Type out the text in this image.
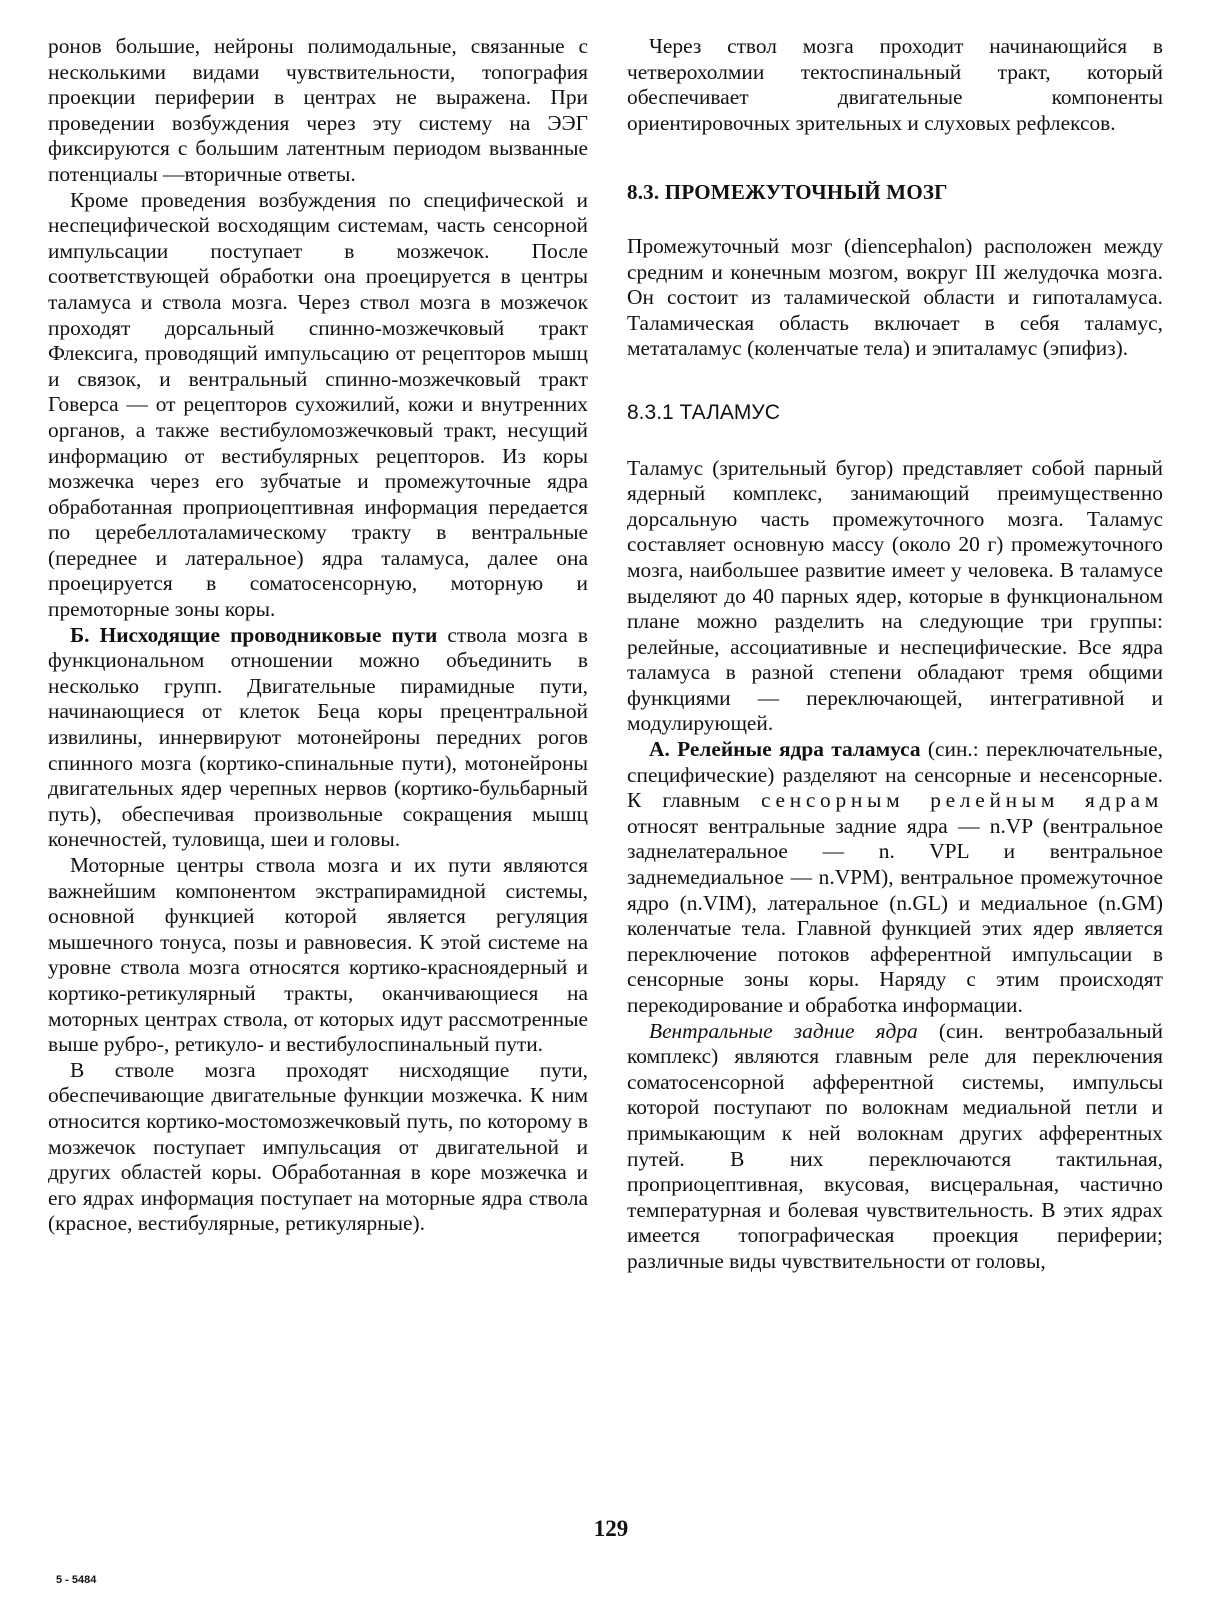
ронов большие, нейроны полимодальные, связанные с несколькими видами чувствительности, топография проекции периферии в центрах не выражена. При проведении возбуждения через эту систему на ЭЭГ фиксируются с большим латентным периодом вызванные потенциалы —вторичные ответы.

Кроме проведения возбуждения по специфической и неспецифической восходящим системам, часть сенсорной импульсации поступает в мозжечок. После соответствующей обработки она проецируется в центры таламуса и ствола мозга. Через ствол мозга в мозжечок проходят дорсальный спинно-мозжечковый тракт Флексига, проводящий импульсацию от рецепторов мышц и связок, и вентральный спинно-мозжечковый тракт Говерса — от рецепторов сухожилий, кожи и внутренних органов, а также вестибуломозжечковый тракт, несущий информацию от вестибулярных рецепторов. Из коры мозжечка через его зубчатые и промежуточные ядра обработанная проприоцептивная информация передается по церебеллоталамическому тракту в вентральные (переднее и латеральное) ядра таламуса, далее она проецируется в соматосенсорную, моторную и премоторные зоны коры.

Б. Нисходящие проводниковые пути ствола мозга в функциональном отношении можно объединить в несколько групп. Двигательные пирамидные пути, начинающиеся от клеток Беца коры прецентральной извилины, иннервируют мотонейроны передних рогов спинного мозга (кортико-спинальные пути), мотонейроны двигательных ядер черепных нервов (кортико-бульбарный путь), обеспечивая произвольные сокращения мышц конечностей, туловища, шеи и головы.

Моторные центры ствола мозга и их пути являются важнейшим компонентом экстрапирамидной системы, основной функцией которой является регуляция мышечного тонуса, позы и равновесия. К этой системе на уровне ствола мозга относятся кортико-красноядерный и кортико-ретикулярный тракты, оканчивающиеся на моторных центрах ствола, от которых идут рассмотренные выше рубро-, ретикуло- и вестибулоспинальный пути.

В стволе мозга проходят нисходящие пути, обеспечивающие двигательные функции мозжечка. К ним относится кортико-мостомозжечковый путь, по которому в мозжечок поступает импульсация от двигательной и других областей коры. Обработанная в коре мозжечка и его ядрах информация поступает на моторные ядра ствола (красное, вестибулярные, ретикулярные).

Через ствол мозга проходит начинающийся в четверохолмии тектоспинальный тракт, который обеспечивает двигательные компоненты ориентировочных зрительных и слуховых рефлексов.

8.3. ПРОМЕЖУТОЧНЫЙ МОЗГ

Промежуточный мозг (diencephalon) расположен между средним и конечным мозгом, вокруг III желудочка мозга. Он состоит из таламической области и гипоталамуса. Таламическая область включает в себя таламус, метаталамус (коленчатые тела) и эпиталамус (эпифиз).

8.3.1 ТАЛАМУС

Таламус (зрительный бугор) представляет собой парный ядерный комплекс, занимающий преимущественно дорсальную часть промежуточного мозга. Таламус составляет основную массу (около 20 г) промежуточного мозга, наибольшее развитие имеет у человека. В таламусе выделяют до 40 парных ядер, которые в функциональном плане можно разделить на следующие три группы: релейные, ассоциативные и неспецифические. Все ядра таламуса в разной степени обладают тремя общими функциями — переключающей, интегративной и модулирующей.

А. Релейные ядра таламуса (син.: переключательные, специфические) разделяют на сенсорные и несенсорные. К главным сенсорным релейным ядрам относят вентральные задние ядра — n.VP (вентральное заднелатеральное — n. VPL и вентральное заднемедиальное — n.VPM), вентральное промежуточное ядро (n.VIM), латеральное (n.GL) и медиальное (n.GM) коленчатые тела. Главной функцией этих ядер является переключение потоков афферентной импульсации в сенсорные зоны коры. Наряду с этим происходят перекодирование и обработка информации.

Вентральные задние ядра (син. вентробазальный комплекс) являются главным реле для переключения соматосенсорной афферентной системы, импульсы которой поступают по волокнам медиальной петли и примыкающим к ней волокнам других афферентных путей. В них переключаются тактильная, проприоцептивная, вкусовая, висцеральная, частично температурная и болевая чувствительность. В этих ядрах имеется топографическая проекция периферии; различные виды чувствительности от головы,

129
5 - 5484
